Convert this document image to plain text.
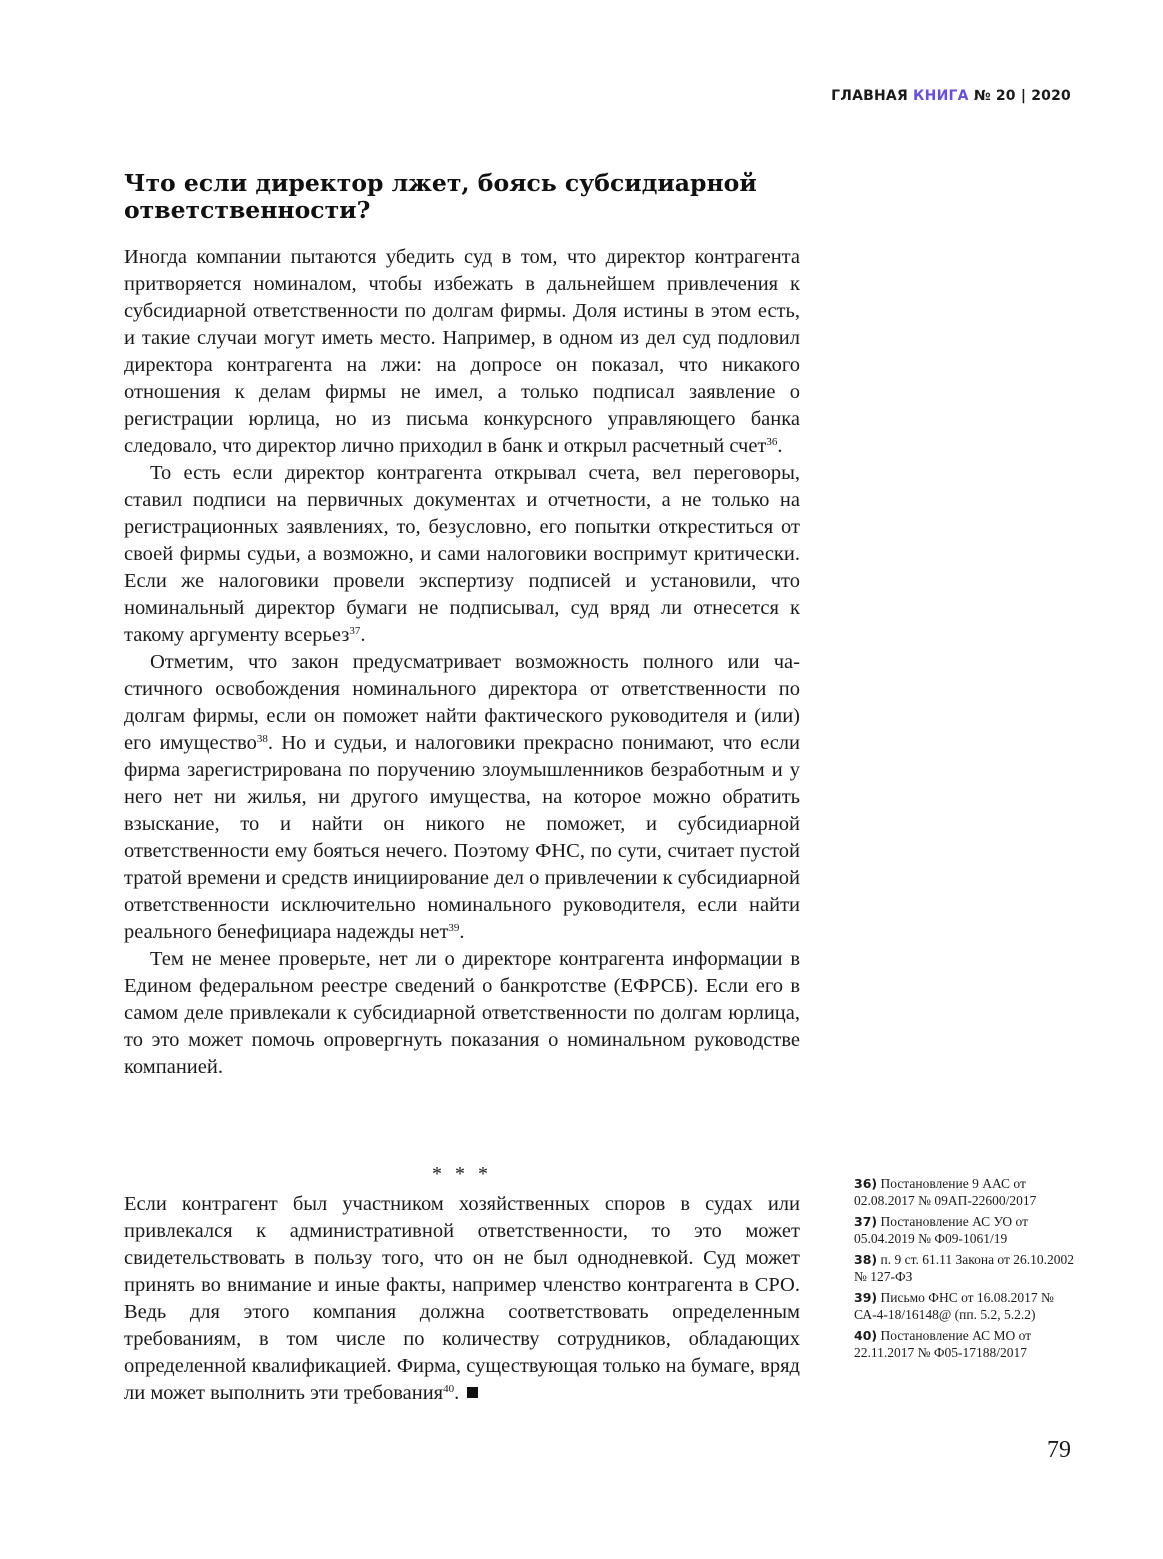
ГЛАВНАЯ КНИГА № 20 | 2020
Что если директор лжет, боясь субсидиарной ответственности?

Иногда компании пытаются убедить суд в том, что директор контрагента притворяется номиналом, чтобы избежать в дальнейшем привлечения к субсидиарной ответственности по долгам фирмы. Доля истины в этом есть, и такие случаи могут иметь место. Например, в одном из дел суд подловил директора контрагента на лжи: на допросе он показал, что никакого отношения к делам фирмы не имел, а только подписал заявление о регистрации юрлица, но из письма конкурсного управляющего банка следовало, что директор лично приходил в банк и открыл расчетный счет$^{36}$.

То есть если директор контрагента открывал счета, вел переговоры, ставил подписи на первичных документах и отчетности, а не только на регистрационных заявлениях, то, безусловно, его попытки откреститься от своей фирмы судьи, а возможно, и сами налоговики воспримут критически. Если же налоговики провели экспертизу подписей и установили, что номинальный директор бумаги не подписывал, суд вряд ли отнесется к такому аргументу всерьез$^{37}$.

Отметим, что закон предусматривает возможность полного или частичного освобождения номинального директора от ответственности по долгам фирмы, если он поможет найти фактического руководителя и (или) его имущество$^{38}$. Но и судьи, и налоговики прекрасно понимают, что если фирма зарегистрирована по поручению злоумышленников безработным и у него нет ни жилья, ни другого имущества, на которое можно обратить взыскание, то и найти он никого не поможет, и субсидиарной ответственности ему бояться нечего. Поэтому ФНС, по сути, считает пустой тратой времени и средств инициирование дел о привлечении к субсидиарной ответственности исключительно номинального руководителя, если найти реального бенефициара надежды нет$^{39}$.

Тем не менее проверьте, нет ли о директоре контрагента информации в Едином федеральном реестре сведений о банкротстве (ЕФРСБ). Если его в самом деле привлекали к субсидиарной ответственности по долгам юрлица, то это может помочь опровергнуть показания о номинальном руководстве компанией.

* * *

Если контрагент был участником хозяйственных споров в судах или привлекался к административной ответственности, то это может свидетельствовать в пользу того, что он не был однодневкой. Суд может принять во внимание и иные факты, например членство контрагента в СРО. Ведь для этого компания должна соответствовать определенным требованиям, в том числе по количеству сотрудников, обладающих определенной квалификацией. Фирма, существующая только на бумаге, вряд ли может выполнить эти требования$^{40}$.

36) Постановление 9 ААС от 02.08.2017 № 09АП-22600/2017

37) Постановление АС УО от 05.04.2019 № Ф09-1061/19

38) п. 9 ст. 61.11 Закона от 26.10.2002 № 127-ФЗ

39) Письмо ФНС от 16.08.2017 № СА-4-18/16148@ (пп. 5.2, 5.2.2)

40) Постановление АС МО от 22.11.2017 № Ф05-17188/2017

79
